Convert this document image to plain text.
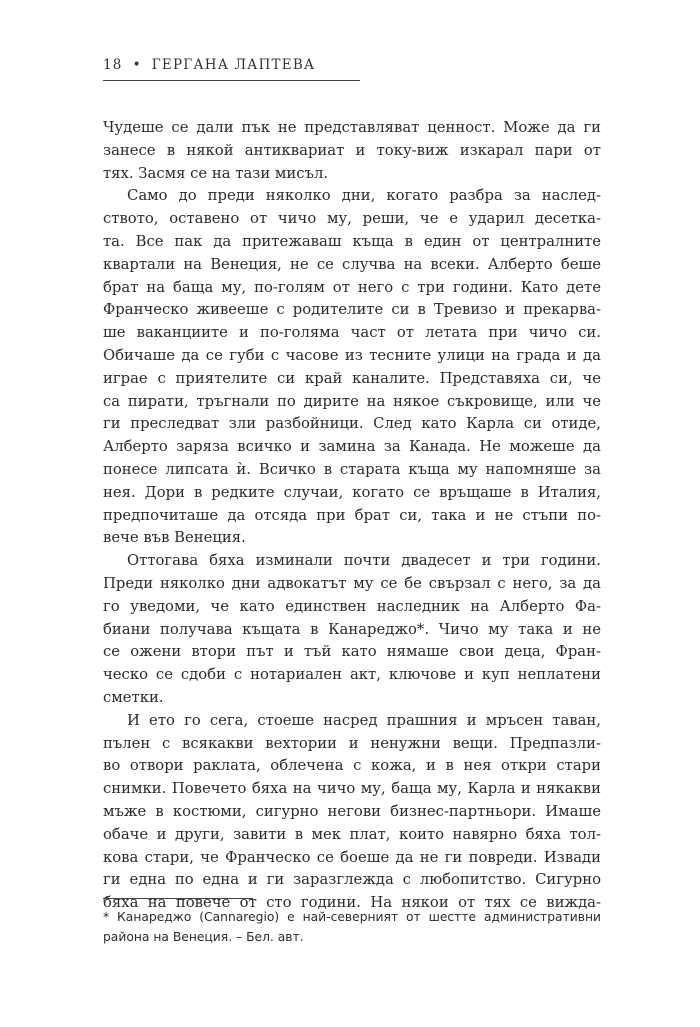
18 • ГЕРГАНА ЛАПТЕВА
Чудеше се дали пък не представляват ценност. Може да ги
занесе в някой антиквариат и току-виж изкарал пари от
тях. Засмя се на тази мисъл.
Само до преди няколко дни, когато разбра за наслед-
ството, оставено от чичо му, реши, че е ударил десетка-
та. Все пак да притежаваш къща в един от централните
квартали на Венеция, не се случва на всеки. Алберто беше
брат на баща му, по-голям от него с три години. Като дете
Франческо живееше с родителите си в Тревизо и прекарва-
ше ваканциите и по-голяма част от летата при чичо си.
Обичаше да се губи с часове из тесните улици на града и да
играе с приятелите си край каналите. Представяха си, че
са пирати, тръгнали по дирите на някое съкровище, или че
ги преследват зли разбойници. След като Карла си отиде,
Алберто заряза всичко и замина за Канада. Не можеше да
понесе липсата ѝ. Всичко в старата къща му напомняше за
нея. Дори в редките случаи, когато се връщаше в Италия,
предпочиташе да отсяда при брат си, така и не стъпи по-
вече във Венеция.
Оттогава бяха изминали почти двадесет и три години.
Преди няколко дни адвокатът му се бе свързал с него, за да
го уведоми, че като единствен наследник на Алберто Фа-
биани получава къщата в Канареджо*. Чичо му така и не
се ожени втори път и тъй като нямаше свои деца, Фран-
ческо се сдоби с нотариален акт, ключове и куп неплатени
сметки.
И ето го сега, стоеше насред прашния и мръсен таван,
пълен с всякакви вехтории и ненужни вещи. Предпазли-
во отвори раклата, облечена с кожа, и в нея откри стари
снимки. Повечето бяха на чичо му, баща му, Карла и някакви
мъже в костюми, сигурно негови бизнес-партньори. Имаше
обаче и други, завити в мек плат, които навярно бяха тол-
кова стари, че Франческо се боеше да не ги повреди. Извади
ги една по една и ги заразглежда с любопитство. Сигурно
бяха на повече от сто години. На някои от тях се вижда-
* Канареджо (Cannaregio) е най-северният от шестте административни
района на Венеция. – Бел. авт.
